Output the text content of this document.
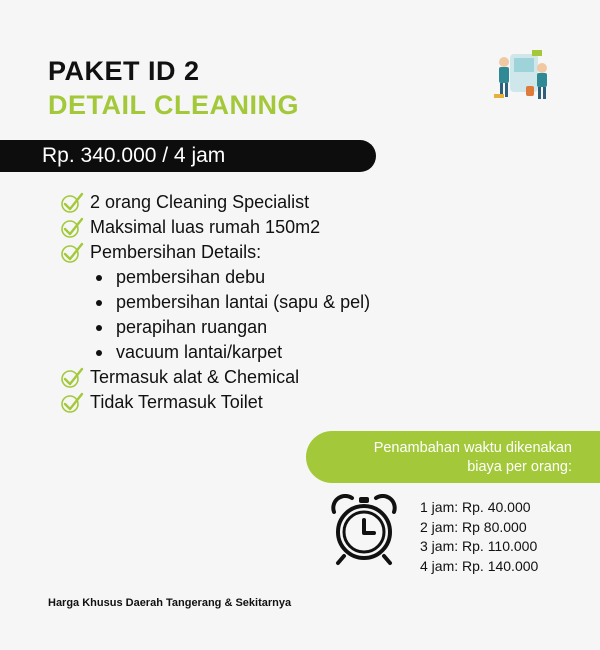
PAKET ID 2
DETAIL CLEANING
Rp. 340.000 / 4 jam
2 orang Cleaning Specialist
Maksimal luas rumah 150m2
Pembersihan Details:
pembersihan debu
pembersihan lantai (sapu & pel)
perapihan ruangan
vacuum lantai/karpet
Termasuk alat & Chemical
Tidak Termasuk Toilet
Penambahan waktu dikenakan
biaya per orang:
1 jam: Rp. 40.000
2 jam: Rp 80.000
3 jam: Rp. 110.000
4 jam: Rp. 140.000
Harga Khusus Daerah Tangerang & Sekitarnya
